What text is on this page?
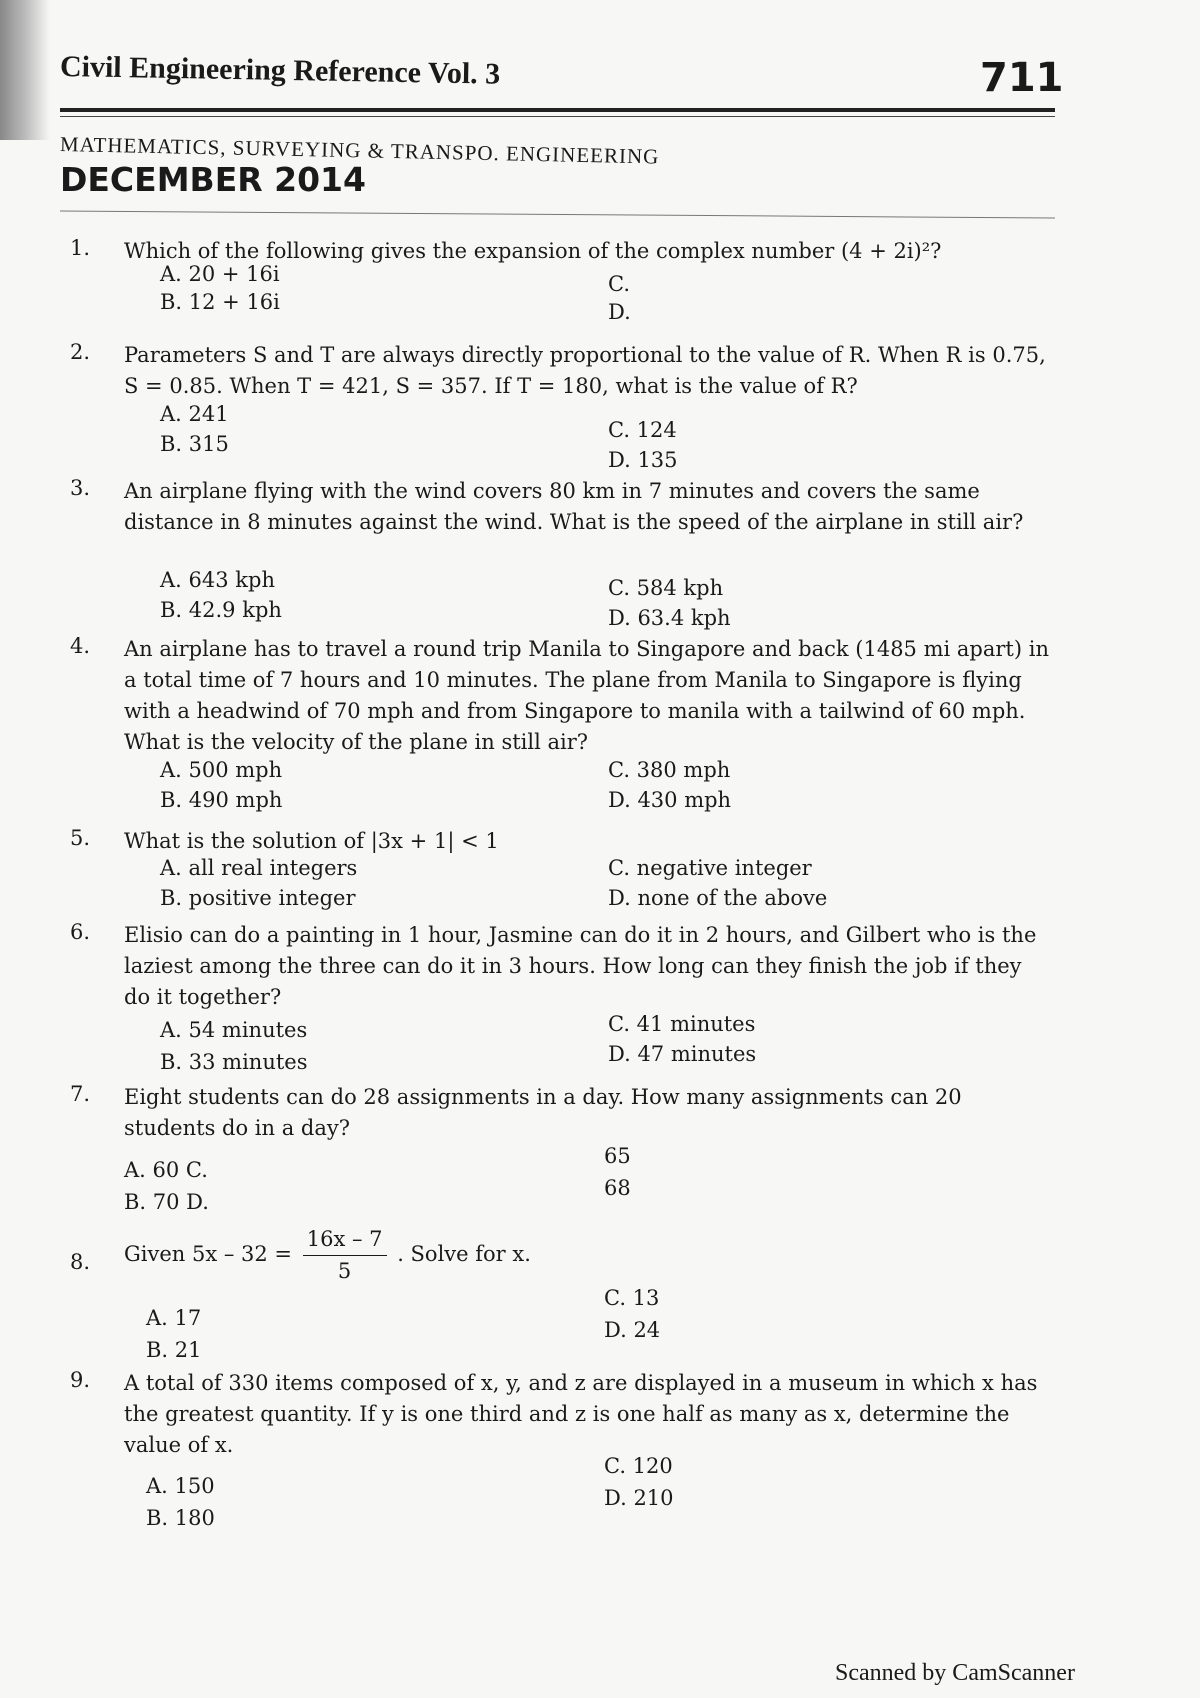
Civil Engineering Reference Vol. 3	711
MATHEMATICS, SURVEYING & TRANSPO. ENGINEERING
DECEMBER 2014
1. Which of the following gives the expansion of the complex number (4 + 2i)²?
A. 20 + 16i
B. 12 + 16i
C.
D.
2. Parameters S and T are always directly proportional to the value of R. When R is 0.75, S = 0.85. When T = 421, S = 357. If T = 180, what is the value of R?
A. 241
B. 315
C. 124
D. 135
3. An airplane flying with the wind covers 80 km in 7 minutes and covers the same distance in 8 minutes against the wind. What is the speed of the airplane in still air?
A. 643 kph
B. 42.9 kph
C. 584 kph
D. 63.4 kph
4. An airplane has to travel a round trip Manila to Singapore and back (1485 mi apart) in a total time of 7 hours and 10 minutes. The plane from Manila to Singapore is flying with a headwind of 70 mph and from Singapore to manila with a tailwind of 60 mph. What is the velocity of the plane in still air?
A. 500 mph
B. 490 mph
C. 380 mph
D. 430 mph
5. What is the solution of |3x + 1| < 1
A. all real integers
B. positive integer
C. negative integer
D. none of the above
6. Elisio can do a painting in 1 hour, Jasmine can do it in 2 hours, and Gilbert who is the laziest among the three can do it in 3 hours. How long can they finish the job if they do it together?
A. 54 minutes
B. 33 minutes
C. 41 minutes
D. 47 minutes
7. Eight students can do 28 assignments in a day. How many assignments can 20 students do in a day?
A. 60 C.
B. 70 D.
65
68
8. Given $5x - 32 = \frac{16x - 7}{5}$ . Solve for x.
A. 17
B. 21
C. 13
D. 24
9. A total of 330 items composed of x, y, and z are displayed in a museum in which x has the greatest quantity. If y is one third and z is one half as many as x, determine the value of x.
A. 150
B. 180
C. 120
D. 210
Scanned by CamScanner
